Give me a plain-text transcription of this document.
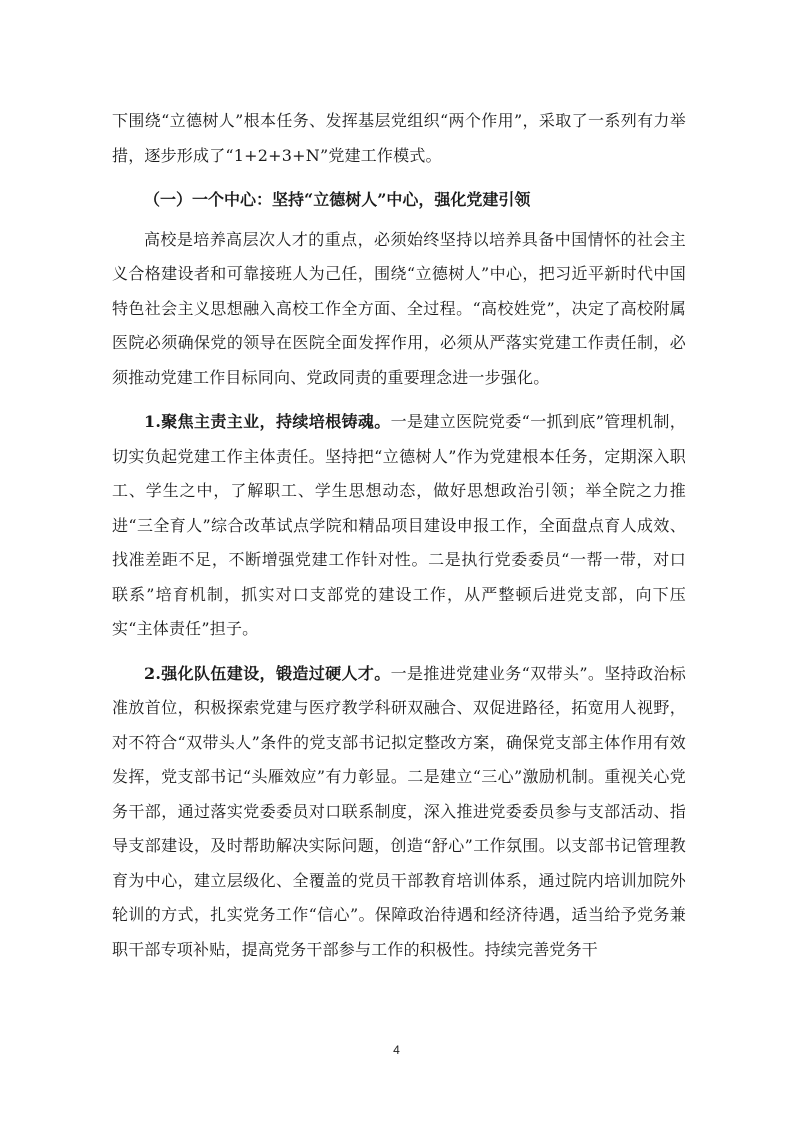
下围绕“立德树人”根本任务、发挥基层党组织“两个作用”，采取了一系列有力举措，逐步形成了“1+2+3+N”党建工作模式。

（一）一个中心：坚持“立德树人”中心，强化党建引领

高校是培养高层次人才的重点，必须始终坚持以培养具备中国情怀的社会主义合格建设者和可靠接班人为己任，围绕“立德树人”中心，把习近平新时代中国特色社会主义思想融入高校工作全方面、全过程。“高校姓党”，决定了高校附属医院必须确保党的领导在医院全面发挥作用，必须从严落实党建工作责任制，必须推动党建工作目标同向、党政同责的重要理念进一步强化。

1.聚焦主责主业，持续培根铸魂。一是建立医院党委“一抓到底”管理机制，切实负起党建工作主体责任。坚持把“立德树人”作为党建根本任务，定期深入职工、学生之中，了解职工、学生思想动态，做好思想政治引领；举全院之力推进“三全育人”综合改革试点学院和精品项目建设申报工作，全面盘点育人成效、找准差距不足，不断增强党建工作针对性。二是执行党委委员“一帮一带，对口联系”培育机制，抓实对口支部党的建设工作，从严整顿后进党支部，向下压实“主体责任”担子。

2.强化队伍建设，锻造过硬人才。一是推进党建业务“双带头”。坚持政治标准放首位，积极探索党建与医疗教学科研双融合、双促进路径，拓宽用人视野，对不符合“双带头人”条件的党支部书记拟定整改方案，确保党支部主体作用有效发挥，党支部书记“头雁效应”有力彰显。二是建立“三心”激励机制。重视关心党务干部，通过落实党委委员对口联系制度，深入推进党委委员参与支部活动、指导支部建设，及时帮助解决实际问题，创造“舒心”工作氛围。以支部书记管理教育为中心，建立层级化、全覆盖的党员干部教育培训体系，通过院内培训加院外轮训的方式，扎实党务工作“信心”。保障政治待遇和经济待遇，适当给予党务兼职干部专项补贴，提高党务干部参与工作的积极性。持续完善党务干

4
